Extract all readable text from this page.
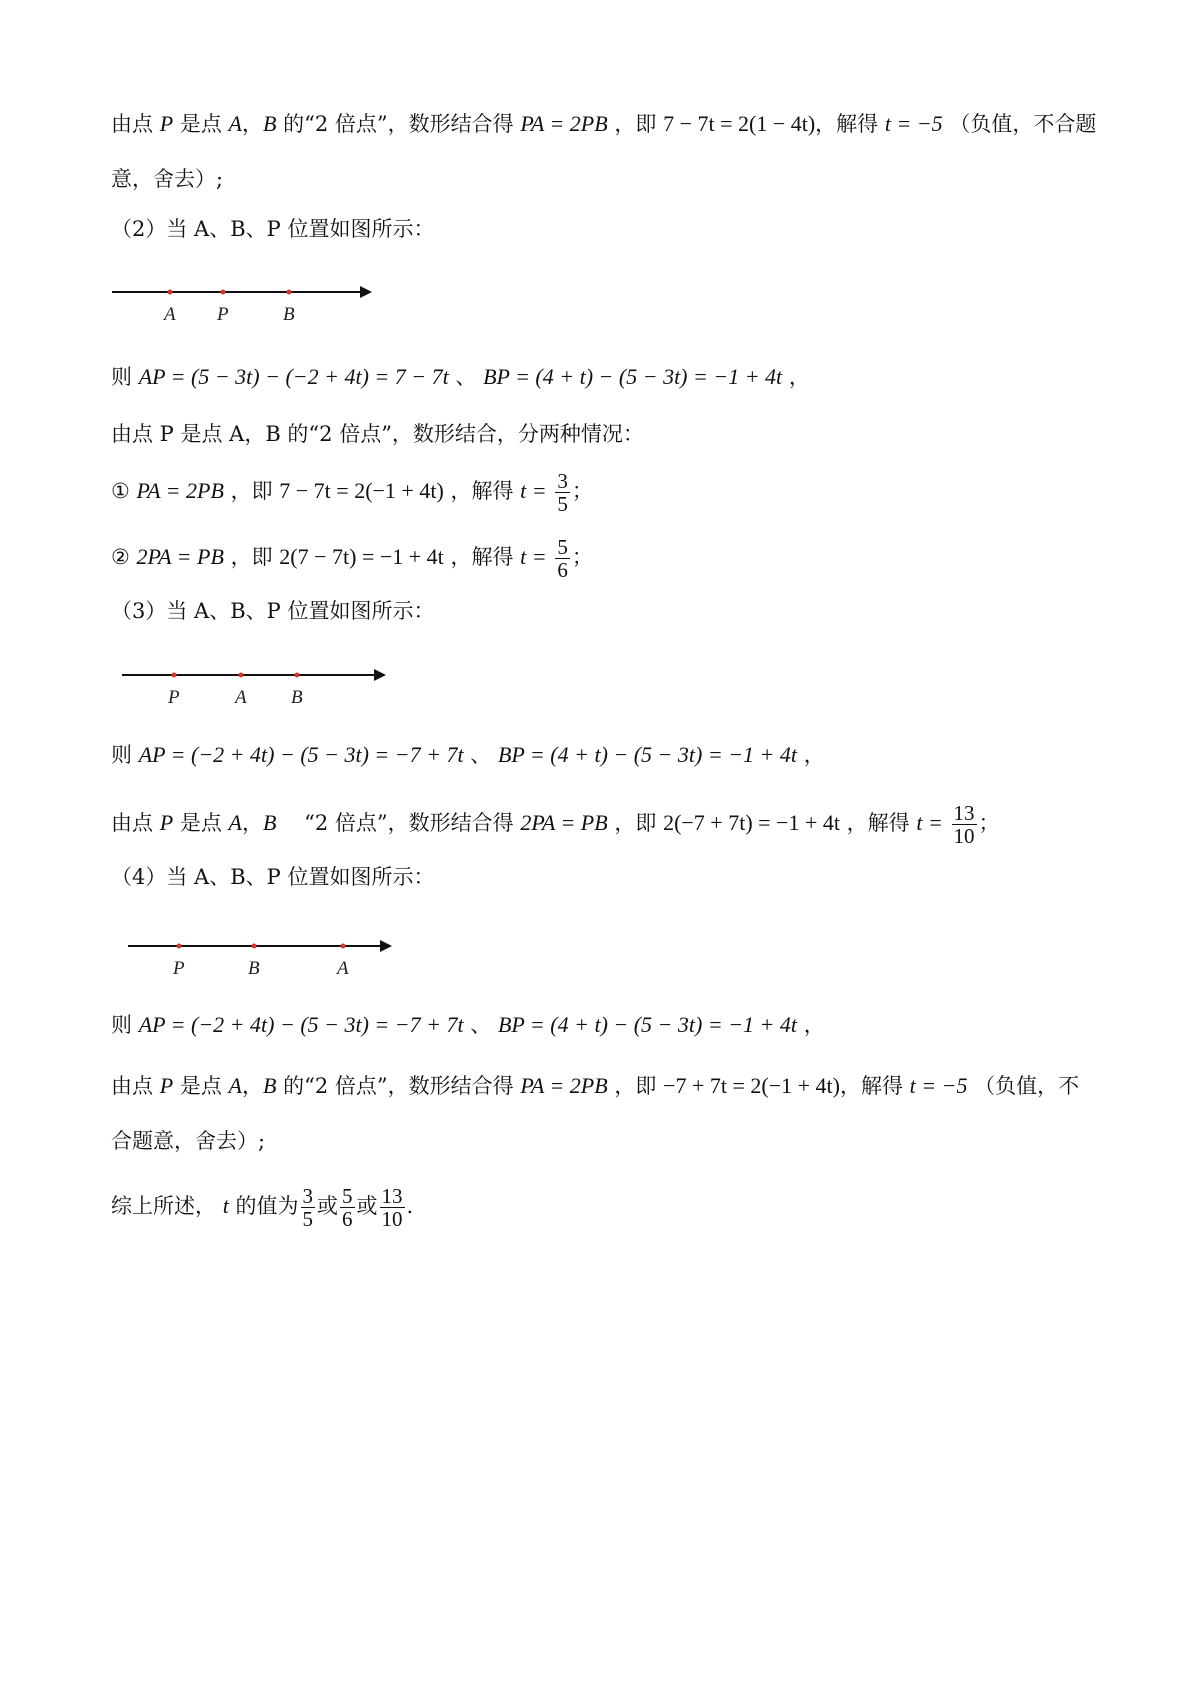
由点 P 是点 A，B 的“2 倍点”，数形结合得 PA = 2PB ，即 7 − 7t = 2(1 − 4t)，解得 t = −5 （负值，不合题
意，舍去）;
（2）当 A、B、P 位置如图所示：
A P	B
则 AP = (5 − 3t) − (−2 + 4t) = 7 − 7t 、 BP = (4 + t) − (5 − 3t) = −1 + 4t ，
由点 P 是点 A，B 的“2 倍点”，数形结合，分两种情况：
① PA = 2PB ，即 7 − 7t = 2(−1 + 4t) ，解得 $t = \frac{3}{5}$ ；
② 2PA = PB ，即 2(7 − 7t) = −1 + 4t ，解得 $t = \frac{5}{6}$ ；
（3）当 A、B、P 位置如图所示：
P	A B
则 AP = (−2 + 4t) − (5 − 3t) = −7 + 7t 、 BP = (4 + t) − (5 − 3t) = −1 + 4t ，
由点 P 是点 A，B 　“2 倍点”，数形结合得 2PA = PB ，即 2(−7 + 7t) = −1 + 4t ，解得 $t = \frac{13}{10}$ ；
（4）当 A、B、P 位置如图所示：
P	B	A
则 AP = (−2 + 4t) − (5 − 3t) = −7 + 7t 、 BP = (4 + t) − (5 − 3t) = −1 + 4t ，
由点 P 是点 A，B 的“2 倍点”，数形结合得 PA = 2PB ，即 −7 + 7t = 2(−1 + 4t)，解得 t = −5 （负值，不
合题意，舍去）;
综上所述， t 的值为 $\frac{3}{5}$ 或 $\frac{5}{6}$ 或 $\frac{13}{10}$ .
